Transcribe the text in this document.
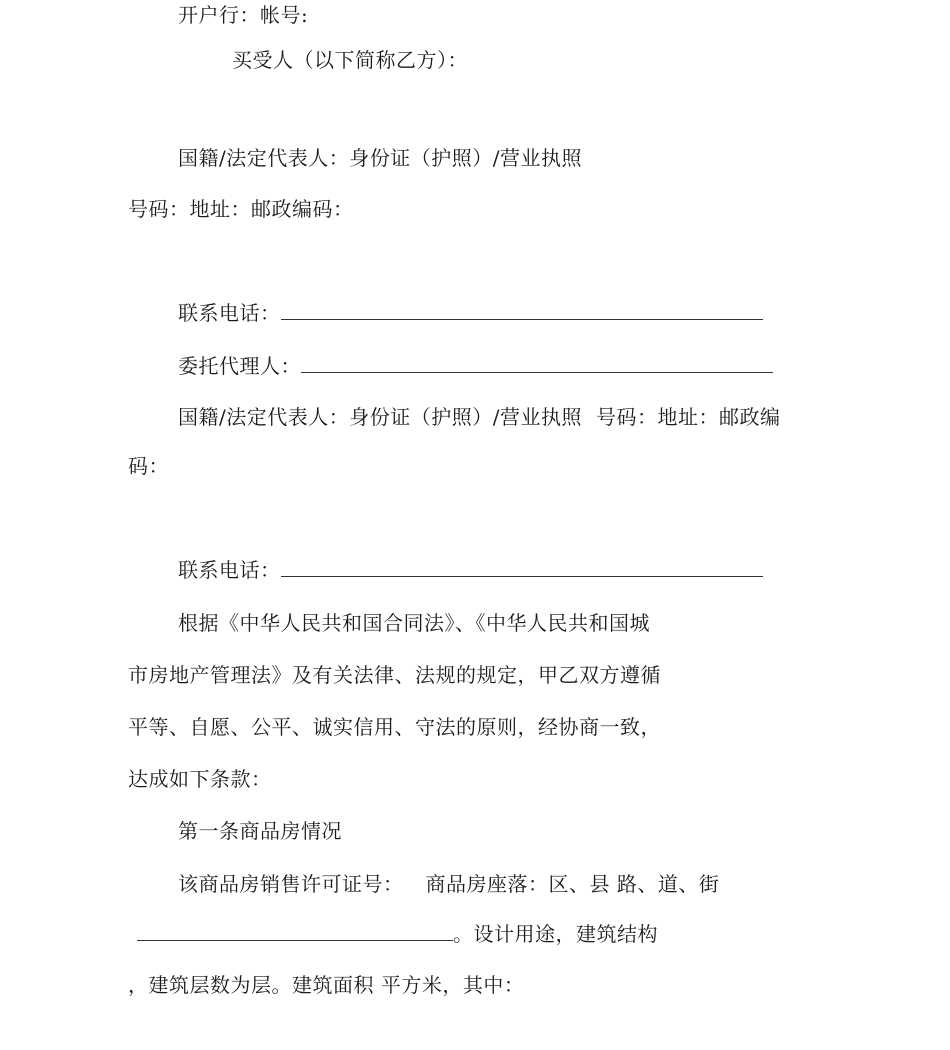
开户行：帐号:
买受人（以下简称乙方）：
国籍/法定代表人：身份证（护照）/营业执照
号码：地址：邮政编码：
联系电话：
委托代理人：
国籍/法定代表人：身份证（护照）/营业执照 号码：地址：邮政编
码：
联系电话：
根据《中华人民共和国合同法》、《中华人民共和国城
市房地产管理法》及有关法律、法规的规定，甲乙双方遵循
平等、自愿、公平、诚实信用、守法的原则，经协商一致，
达成如下条款：
第一条商品房情况
该商品房销售许可证号： 商品房座落：区、县 路、道、街
。设计用途，建筑结构
，建筑层数为层。建筑面积 平方米，其中：
